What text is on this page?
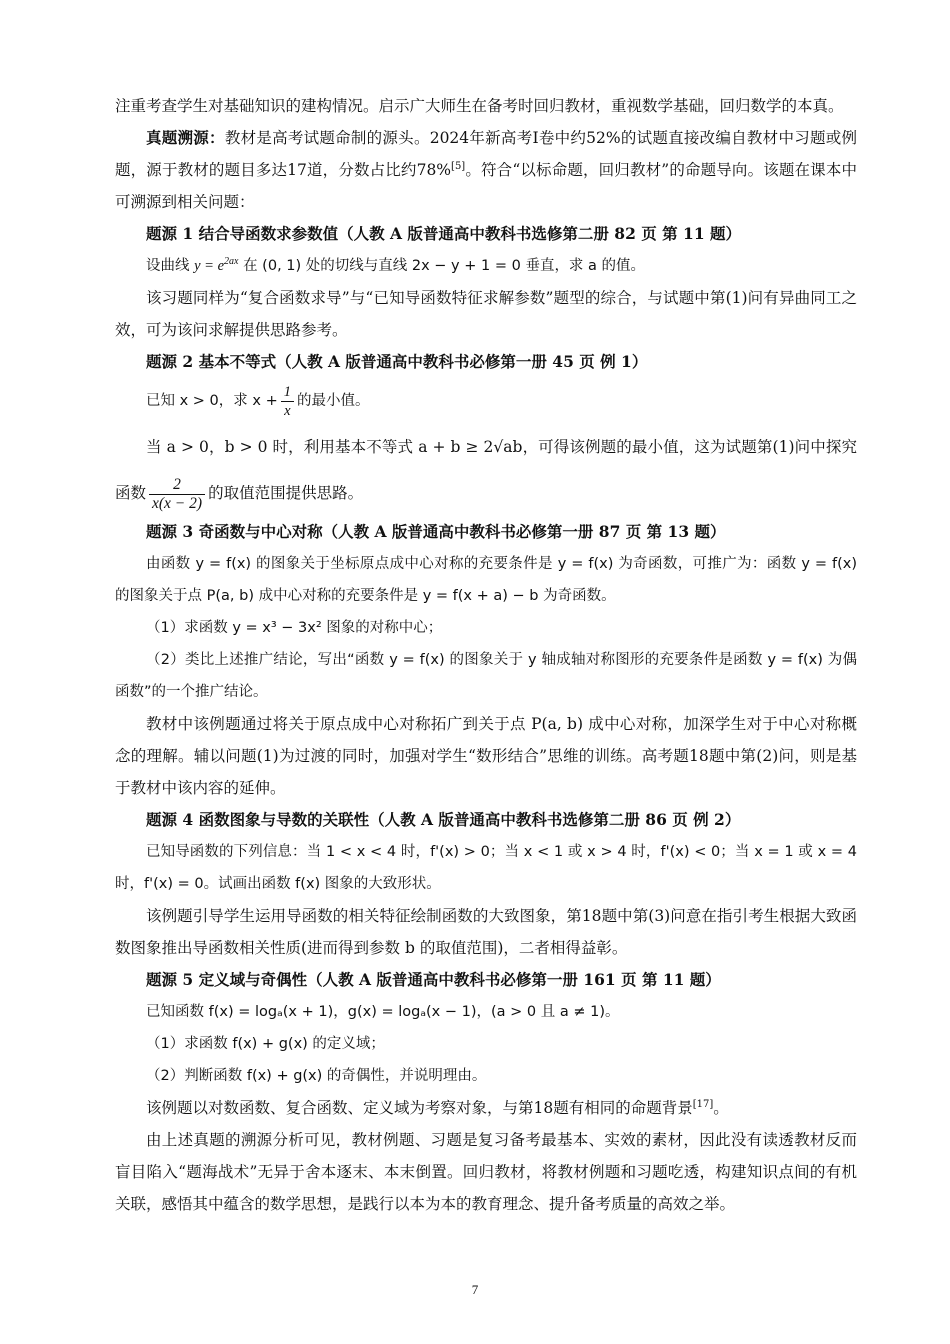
注重考查学生对基础知识的建构情况。启示广大师生在备考时回归教材，重视数学基础，回归数学的本真。

真题溯源：教材是高考试题命制的源头。2024年新高考I卷中约52%的试题直接改编自教材中习题或例题，源于教材的题目多达17道，分数占比约78%[5]。符合“以标命题，回归教材”的命题导向。该题在课本中可溯源到相关问题：

题源 1 结合导函数求参数值（人教 A 版普通高中教科书选修第二册 82 页 第 11 题）

设曲线 $y = e^{2ax}$ 在 (0, 1) 处的切线与直线 2x − y + 1 = 0 垂直，求 a 的值。

该习题同样为“复合函数求导”与“已知导函数特征求解参数”题型的综合，与试题中第(1)问有异曲同工之效，可为该问求解提供思路参考。

题源 2 基本不等式（人教 A 版普通高中教科书必修第一册 45 页 例 1）

已知 x > 0，求 $x + \frac{1}{x}$ 的最小值。

当 a > 0，b > 0 时，利用基本不等式 a + b ≥ 2√ab，可得该例题的最小值，这为试题第(1)问中探究函数 $\frac{2}{x(x - 2)}$ 的取值范围提供思路。

题源 3 奇函数与中心对称（人教 A 版普通高中教科书必修第一册 87 页 第 13 题）

由函数 y = f(x) 的图象关于坐标原点成中心对称的充要条件是 y = f(x) 为奇函数，可推广为：函数 y = f(x) 的图象关于点 P(a, b) 成中心对称的充要条件是 y = f(x + a) − b 为奇函数。

（1）求函数 y = x³ − 3x² 图象的对称中心；

（2）类比上述推广结论，写出“函数 y = f(x) 的图象关于 y 轴成轴对称图形的充要条件是函数 y = f(x) 为偶函数”的一个推广结论。

教材中该例题通过将关于原点成中心对称拓广到关于点 P(a, b) 成中心对称，加深学生对于中心对称概念的理解。辅以问题(1)为过渡的同时，加强对学生“数形结合”思维的训练。高考题18题中第(2)问，则是基于教材中该内容的延伸。

题源 4 函数图象与导数的关联性（人教 A 版普通高中教科书选修第二册 86 页 例 2）

已知导函数的下列信息：当 1 < x < 4 时，f'(x) > 0；当 x < 1 或 x > 4 时，f'(x) < 0；当 x = 1 或 x = 4 时，f'(x) = 0。试画出函数 f(x) 图象的大致形状。

该例题引导学生运用导函数的相关特征绘制函数的大致图象，第18题中第(3)问意在指引考生根据大致函数图象推出导函数相关性质(进而得到参数 b 的取值范围)，二者相得益彰。

题源 5 定义域与奇偶性（人教 A 版普通高中教科书必修第一册 161 页 第 11 题）

已知函数 f(x) = logₐ(x + 1)，g(x) = logₐ(x − 1)，(a > 0 且 a ≠ 1)。

（1）求函数 f(x) + g(x) 的定义域；

（2）判断函数 f(x) + g(x) 的奇偶性，并说明理由。

该例题以对数函数、复合函数、定义域为考察对象，与第18题有相同的命题背景[17]。

由上述真题的溯源分析可见，教材例题、习题是复习备考最基本、实效的素材，因此没有读透教材反而盲目陷入“题海战术”无异于舍本逐末、本末倒置。回归教材，将教材例题和习题吃透，构建知识点间的有机关联，感悟其中蕴含的数学思想，是践行以本为本的教育理念、提升备考质量的高效之举。

7
